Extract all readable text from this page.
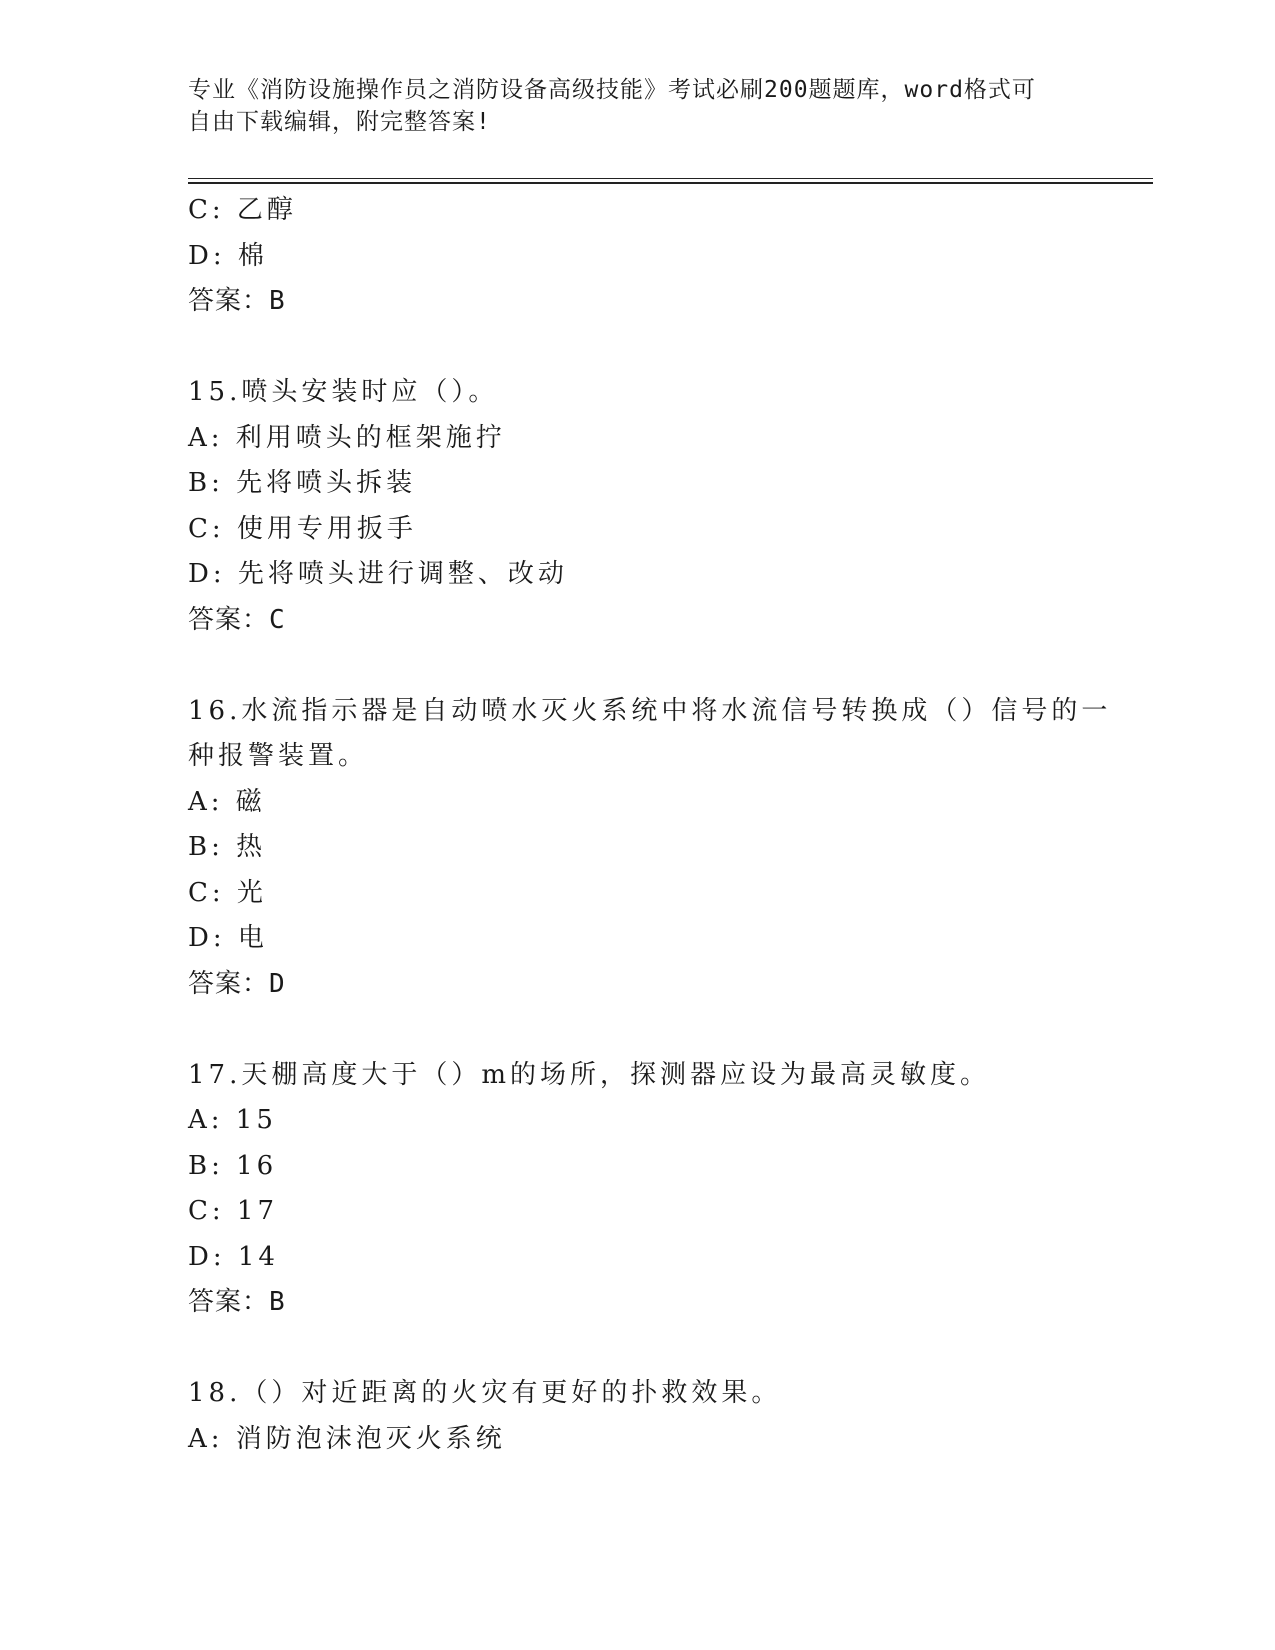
专业《消防设施操作员之消防设备高级技能》考试必刷200题题库，word格式可
自由下载编辑，附完整答案!
C: 乙醇
D: 棉
答案：B
15.喷头安装时应（）。
A: 利用喷头的框架施拧
B: 先将喷头拆装
C: 使用专用扳手
D: 先将喷头进行调整、改动
答案：C
16.水流指示器是自动喷水灭火系统中将水流信号转换成（）信号的一
种报警装置。
A: 磁
B: 热
C: 光
D: 电
答案：D
17.天棚高度大于（）m的场所，探测器应设为最高灵敏度。
A: 15
B: 16
C: 17
D: 14
答案：B
18.（）对近距离的火灾有更好的扑救效果。
A: 消防泡沫泡灭火系统
